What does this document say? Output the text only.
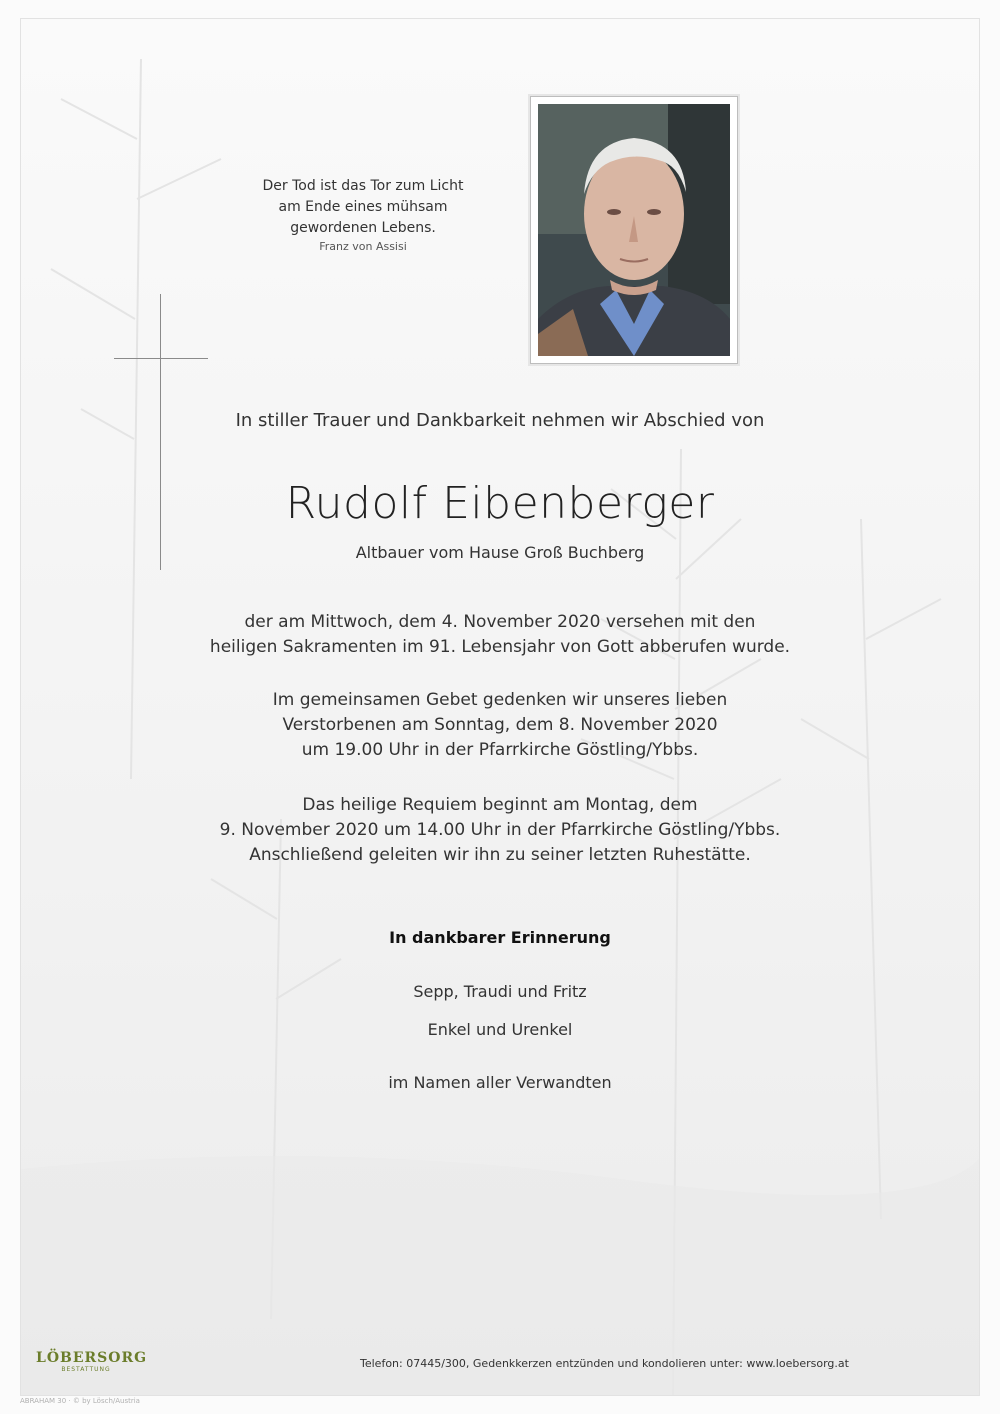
Der Tod ist das Tor zum Licht
am Ende eines mühsam
gewordenen Lebens.
Franz von Assisi
In stiller Trauer und Dankbarkeit nehmen wir Abschied von
Rudolf Eibenberger
Altbauer vom Hause Groß Buchberg
der am Mittwoch, dem 4. November 2020 versehen mit den
heiligen Sakramenten im 91. Lebensjahr von Gott abberufen wurde.
Im gemeinsamen Gebet gedenken wir unseres lieben
Verstorbenen am Sonntag, dem 8. November 2020
um 19.00 Uhr in der Pfarrkirche Göstling/Ybbs.
Das heilige Requiem beginnt am Montag, dem
9. November 2020 um 14.00 Uhr in der Pfarrkirche Göstling/Ybbs.
Anschließend geleiten wir ihn zu seiner letzten Ruhestätte.
In dankbarer Erinnerung
Sepp, Traudi und Fritz
Enkel und Urenkel
im Namen aller Verwandten
LÖBERSORG
BESTATTUNG	Telefon: 07445/300, Gedenkkerzen entzünden und kondolieren unter: www.loebersorg.at
ABRAHAM 30 · © by Lösch/Austria
